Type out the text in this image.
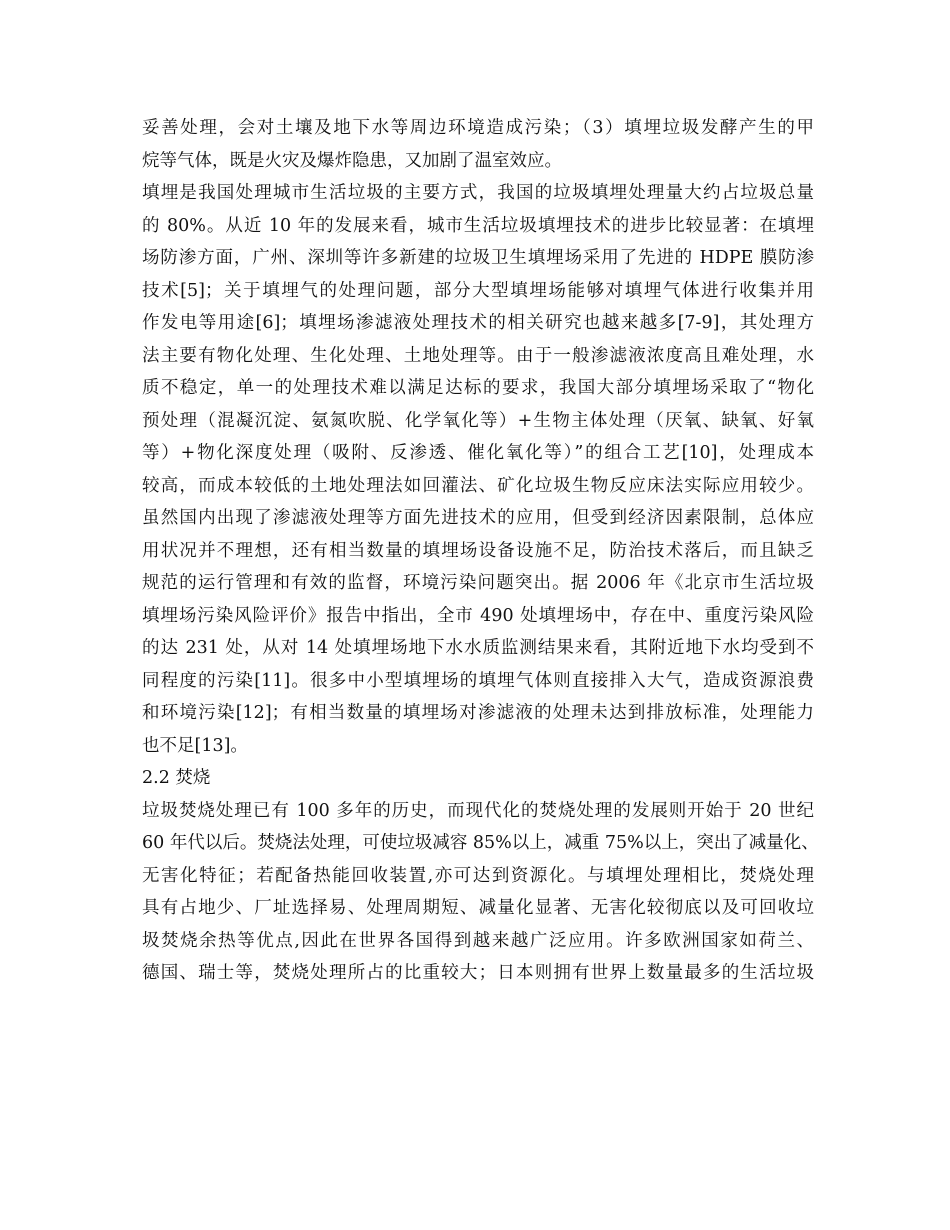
妥善处理，会对土壤及地下水等周边环境造成污染；（3）填埋垃圾发酵产生的甲
烷等气体，既是火灾及爆炸隐患，又加剧了温室效应。
填埋是我国处理城市生活垃圾的主要方式，我国的垃圾填埋处理量大约占垃圾总量
的 80%。从近 10 年的发展来看，城市生活垃圾填埋技术的进步比较显著：在填埋
场防渗方面，广州、深圳等许多新建的垃圾卫生填埋场采用了先进的 HDPE 膜防渗
技术[5]；关于填埋气的处理问题，部分大型填埋场能够对填埋气体进行收集并用
作发电等用途[6]；填埋场渗滤液处理技术的相关研究也越来越多[7-9]，其处理方
法主要有物化处理、生化处理、土地处理等。由于一般渗滤液浓度高且难处理，水
质不稳定，单一的处理技术难以满足达标的要求，我国大部分填埋场采取了“物化
预处理（混凝沉淀、氨氮吹脱、化学氧化等）+生物主体处理（厌氧、缺氧、好氧
等）+物化深度处理（吸附、反渗透、催化氧化等）”的组合工艺[10]，处理成本
较高，而成本较低的土地处理法如回灌法、矿化垃圾生物反应床法实际应用较少。
虽然国内出现了渗滤液处理等方面先进技术的应用，但受到经济因素限制，总体应
用状况并不理想，还有相当数量的填埋场设备设施不足，防治技术落后，而且缺乏
规范的运行管理和有效的监督，环境污染问题突出。据 2006 年《北京市生活垃圾
填埋场污染风险评价》报告中指出，全市 490 处填埋场中，存在中、重度污染风险
的达 231 处，从对 14 处填埋场地下水水质监测结果来看，其附近地下水均受到不
同程度的污染[11]。很多中小型填埋场的填埋气体则直接排入大气，造成资源浪费
和环境污染[12]；有相当数量的填埋场对渗滤液的处理未达到排放标准，处理能力
也不足[13]。
2.2 焚烧
垃圾焚烧处理已有 100 多年的历史，而现代化的焚烧处理的发展则开始于 20 世纪
60 年代以后。焚烧法处理，可使垃圾减容 85%以上，减重 75%以上，突出了减量化、
无害化特征；若配备热能回收装置,亦可达到资源化。与填埋处理相比，焚烧处理
具有占地少、厂址选择易、处理周期短、减量化显著、无害化较彻底以及可回收垃
圾焚烧余热等优点,因此在世界各国得到越来越广泛应用。许多欧洲国家如荷兰、
德国、瑞士等，焚烧处理所占的比重较大；日本则拥有世界上数量最多的生活垃圾
